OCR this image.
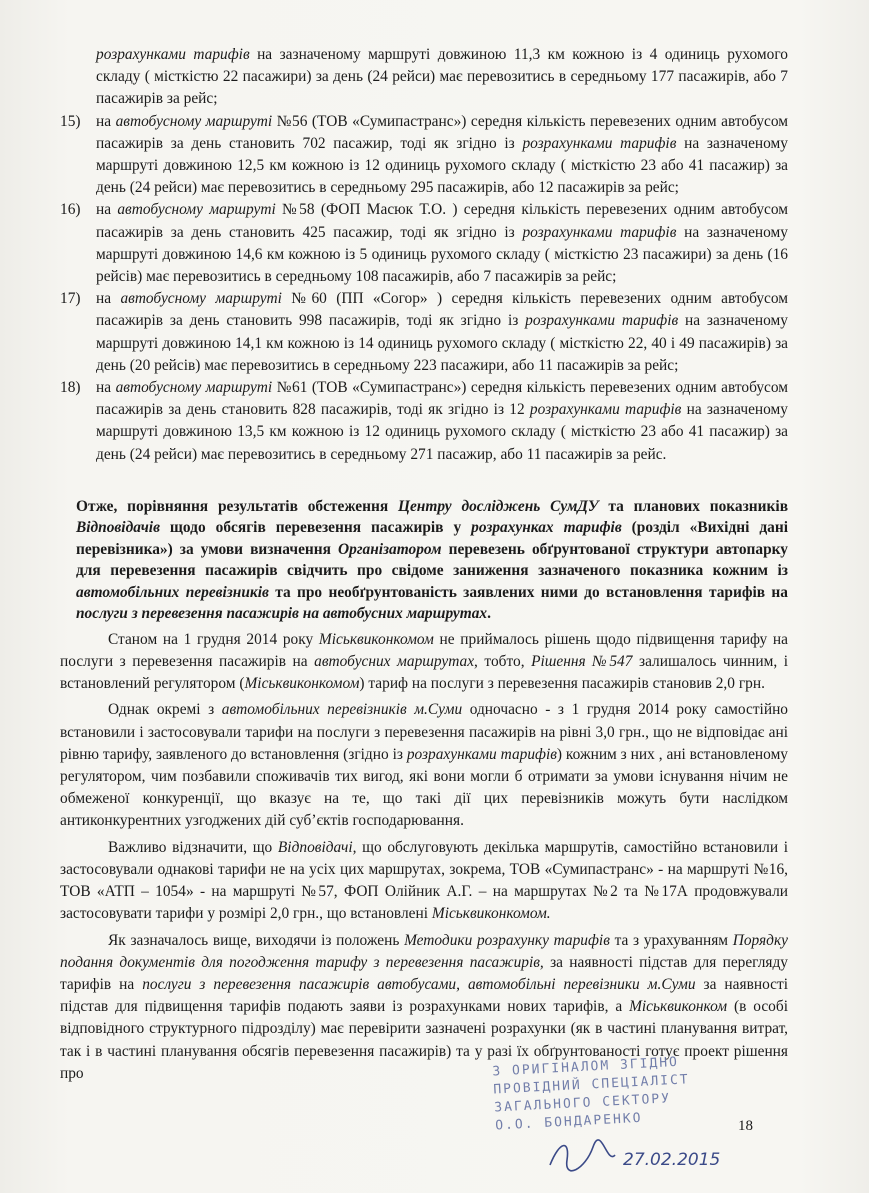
розрахунками тарифів на зазначеному маршруті довжиною 11,3 км кожною із 4 одиниць рухомого складу ( місткістю 22 пасажири) за день (24 рейси) має перевозитись в середньому 177 пасажирів, або 7 пасажирів за рейс;
15)	на автобусному маршруті №56 (ТОВ «Сумипастранс») середня кількість перевезених одним автобусом пасажирів за день становить 702 пасажир, тоді як згідно із розрахунками тарифів на зазначеному маршруті довжиною 12,5 км кожною із 12 одиниць рухомого складу ( місткістю 23 або 41 пасажир) за день (24 рейси) має перевозитись в середньому 295 пасажирів, або 12 пасажирів за рейс;
16)	на автобусному маршруті №58 (ФОП Масюк Т.О. ) середня кількість перевезених одним автобусом пасажирів за день становить 425 пасажир, тоді як згідно із розрахунками тарифів на зазначеному маршруті довжиною 14,6 км кожною із 5 одиниць рухомого складу ( місткістю 23 пасажири) за день (16 рейсів) має перевозитись в середньому 108 пасажирів, або 7 пасажирів за рейс;
17)	на автобусному маршруті №60 (ПП «Согор» ) середня кількість перевезених одним автобусом пасажирів за день становить 998 пасажирів, тоді як згідно із розрахунками тарифів на зазначеному маршруті довжиною 14,1 км кожною із 14 одиниць рухомого складу ( місткістю 22, 40 і 49 пасажирів) за день (20 рейсів) має перевозитись в середньому 223 пасажири, або 11 пасажирів за рейс;
18)	на автобусному маршруті №61 (ТОВ «Сумипастранс») середня кількість перевезених одним автобусом пасажирів за день становить 828 пасажирів, тоді як згідно із 12 розрахунками тарифів на зазначеному маршруті довжиною 13,5 км кожною із 12 одиниць рухомого складу ( місткістю 23 або 41 пасажир) за день (24 рейси) має перевозитись в середньому 271 пасажир, або 11 пасажирів за рейс.
Отже, порівняння результатів обстеження Центру досліджень СумДУ та планових показників Відповідачів щодо обсягів перевезення пасажирів у розрахунках тарифів (розділ «Вихідні дані перевізника») за умови визначення Організатором перевезень обґрунтованої структури автопарку для перевезення пасажирів свідчить про свідоме заниження зазначеного показника кожним із автомобільних перевізників та про необґрунтованість заявлених ними до встановлення тарифів на послуги з перевезення пасажирів на автобусних маршрутах.
Станом на 1 грудня 2014 року Міськвиконкомом не приймалось рішень щодо підвищення тарифу на послуги з перевезення пасажирів на автобусних маршрутах, тобто, Рішення №547 залишалось чинним, і встановлений регулятором (Міськвиконкомом) тариф на послуги з перевезення пасажирів становив 2,0 грн.
Однак окремі з автомобільних перевізників м.Суми одночасно - з 1 грудня 2014 року самостійно встановили і застосовували тарифи на послуги з перевезення пасажирів на рівні 3,0 грн., що не відповідає ані рівню тарифу, заявленого до встановлення (згідно із розрахунками тарифів) кожним з них , ані встановленому регулятором, чим позбавили споживачів тих вигод, які вони могли б отримати за умови існування нічим не обмеженої конкуренції, що вказує на те, що такі дії цих перевізників можуть бути наслідком антиконкурентних узгоджених дій суб’єктів господарювання.
Важливо відзначити, що Відповідачі, що обслуговують декілька маршрутів, самостійно встановили і застосовували однакові тарифи не на усіх цих маршрутах, зокрема, ТОВ «Сумипастранс» - на маршруті №16, ТОВ «АТП – 1054» - на маршруті №57, ФОП Олійник А.Г. – на маршрутах №2 та №17А продовжували застосовувати тарифи у розмірі 2,0 грн., що встановлені Міськвиконкомом.
Як зазначалось вище, виходячи із положень Методики розрахунку тарифів та з урахуванням Порядку подання документів для погодження тарифу з перевезення пасажирів, за наявності підстав для перегляду тарифів на послуги з перевезення пасажирів автобусами, автомобільні перевізники м.Суми за наявності підстав для підвищення тарифів подають заяви із розрахунками нових тарифів, а Міськвиконком (в особі відповідного структурного підрозділу) має перевірити зазначені розрахунки (як в частині планування витрат, так і в частині планування обсягів перевезення пасажирів) та у разі їх обґрунтованості готує проект рішення про	З ОРИГІНАЛОМ ЗГІДНО
ПРОВІДНИЙ СПЕЦІАЛІСТ
ЗАГАЛЬНОГО СЕКТОРУ
О.О. БОНДАРЕНКО
27.02.2015
18
